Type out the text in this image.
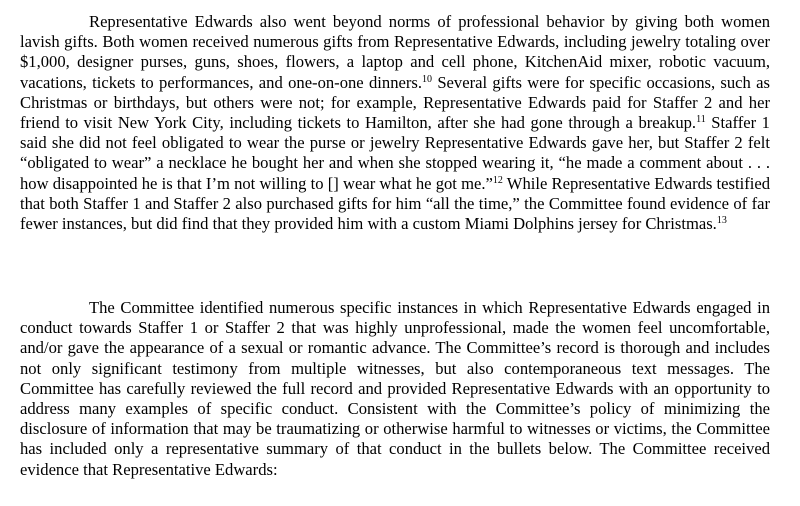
Representative Edwards also went beyond norms of professional behavior by giving both women lavish gifts. Both women received numerous gifts from Representative Edwards, including jewelry totaling over $1,000, designer purses, guns, shoes, flowers, a laptop and cell phone, KitchenAid mixer, robotic vacuum, vacations, tickets to performances, and one-on-one dinners.$^{10}$ Several gifts were for specific occasions, such as Christmas or birthdays, but others were not; for example, Representative Edwards paid for Staffer 2 and her friend to visit New York City, including tickets to Hamilton, after she had gone through a breakup.$^{11}$ Staffer 1 said she did not feel obligated to wear the purse or jewelry Representative Edwards gave her, but Staffer 2 felt “obligated to wear” a necklace he bought her and when she stopped wearing it, “he made a comment about . . . how disappointed he is that I’m not willing to [] wear what he got me.”$^{12}$ While Representative Edwards testified that both Staffer 1 and Staffer 2 also purchased gifts for him “all the time,” the Committee found evidence of far fewer instances, but did find that they provided him with a custom Miami Dolphins jersey for Christmas.$^{13}$

The Committee identified numerous specific instances in which Representative Edwards engaged in conduct towards Staffer 1 or Staffer 2 that was highly unprofessional, made the women feel uncomfortable, and/or gave the appearance of a sexual or romantic advance. The Committee’s record is thorough and includes not only significant testimony from multiple witnesses, but also contemporaneous text messages. The Committee has carefully reviewed the full record and provided Representative Edwards with an opportunity to address many examples of specific conduct. Consistent with the Committee’s policy of minimizing the disclosure of information that may be traumatizing or otherwise harmful to witnesses or victims, the Committee has included only a representative summary of that conduct in the bullets below. The Committee received evidence that Representative Edwards:
